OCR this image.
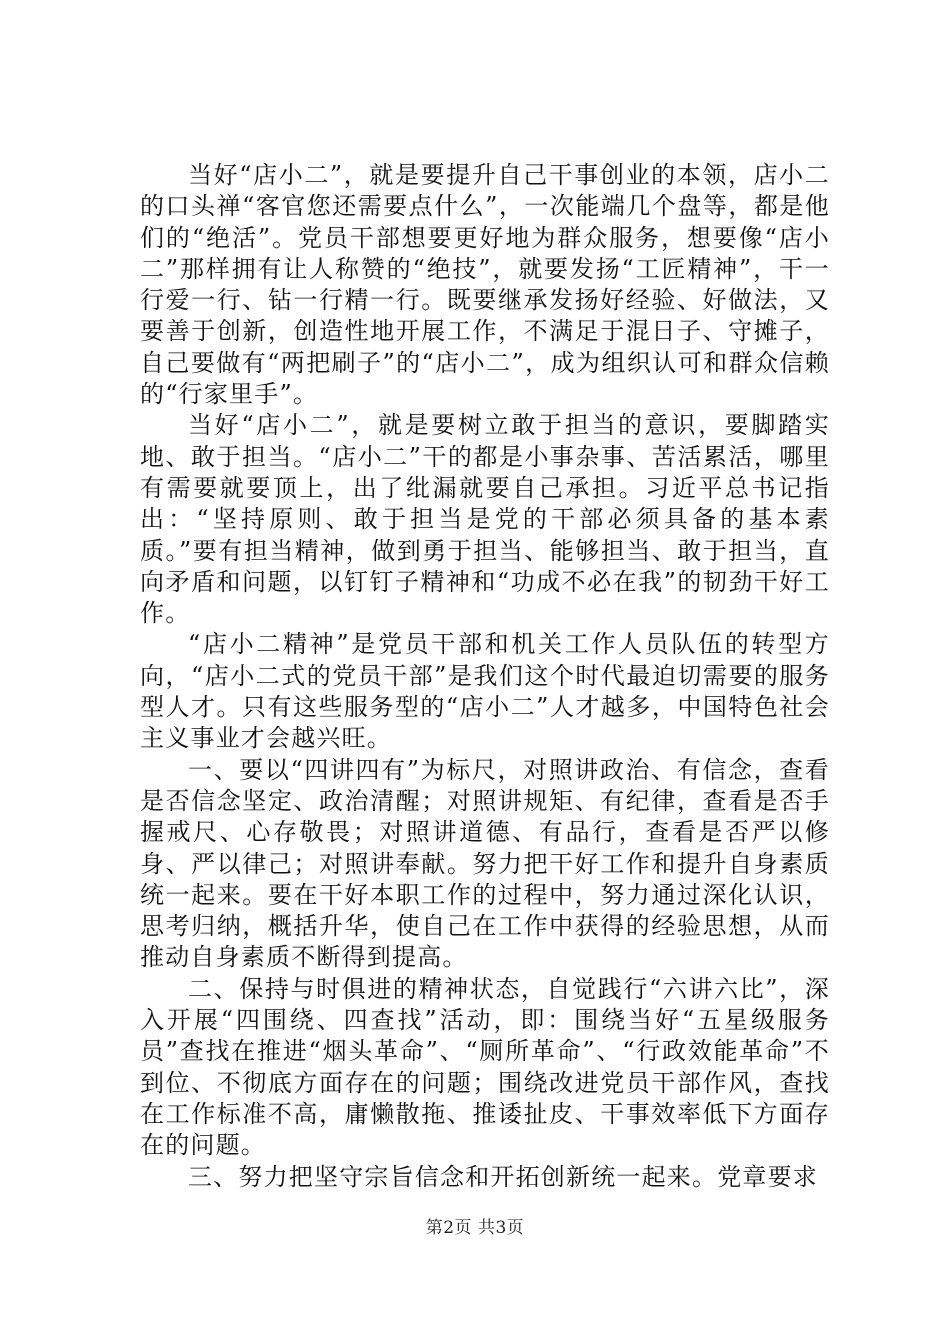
当好“店小二”，就是要提升自己干事创业的本领，店小二的口头禅“客官您还需要点什么”，一次能端几个盘等，都是他们的“绝活”。党员干部想要更好地为群众服务，想要像“店小二”那样拥有让人称赞的“绝技”，就要发扬“工匠精神”，干一行爱一行、钻一行精一行。既要继承发扬好经验、好做法，又要善于创新，创造性地开展工作，不满足于混日子、守摊子，自己要做有“两把刷子”的“店小二”，成为组织认可和群众信赖的“行家里手”。

当好“店小二”，就是要树立敢于担当的意识，要脚踏实地、敢于担当。“店小二”干的都是小事杂事、苦活累活，哪里有需要就要顶上，出了纰漏就要自己承担。习近平总书记指出：“坚持原则、敢于担当是党的干部必须具备的基本素质。”要有担当精神，做到勇于担当、能够担当、敢于担当，直向矛盾和问题，以钉钉子精神和“功成不必在我”的韧劲干好工作。

“店小二精神”是党员干部和机关工作人员队伍的转型方向，“店小二式的党员干部”是我们这个时代最迫切需要的服务型人才。只有这些服务型的“店小二”人才越多，中国特色社会主义事业才会越兴旺。

一、要以“四讲四有”为标尺，对照讲政治、有信念，查看是否信念坚定、政治清醒；对照讲规矩、有纪律，查看是否手握戒尺、心存敬畏；对照讲道德、有品行，查看是否严以修身、严以律己；对照讲奉献。努力把干好工作和提升自身素质统一起来。要在干好本职工作的过程中，努力通过深化认识，思考归纳，概括升华，使自己在工作中获得的经验思想，从而推动自身素质不断得到提高。

二、保持与时俱进的精神状态，自觉践行“六讲六比”，深入开展“四围绕、四查找”活动，即：围绕当好“五星级服务员”查找在推进“烟头革命”、“厕所革命”、“行政效能革命”不到位、不彻底方面存在的问题；围绕改进党员干部作风，查找在工作标准不高，庸懒散拖、推诿扯皮、干事效率低下方面存在的问题。

三、努力把坚守宗旨信念和开拓创新统一起来。党章要求

第2页 共3页
